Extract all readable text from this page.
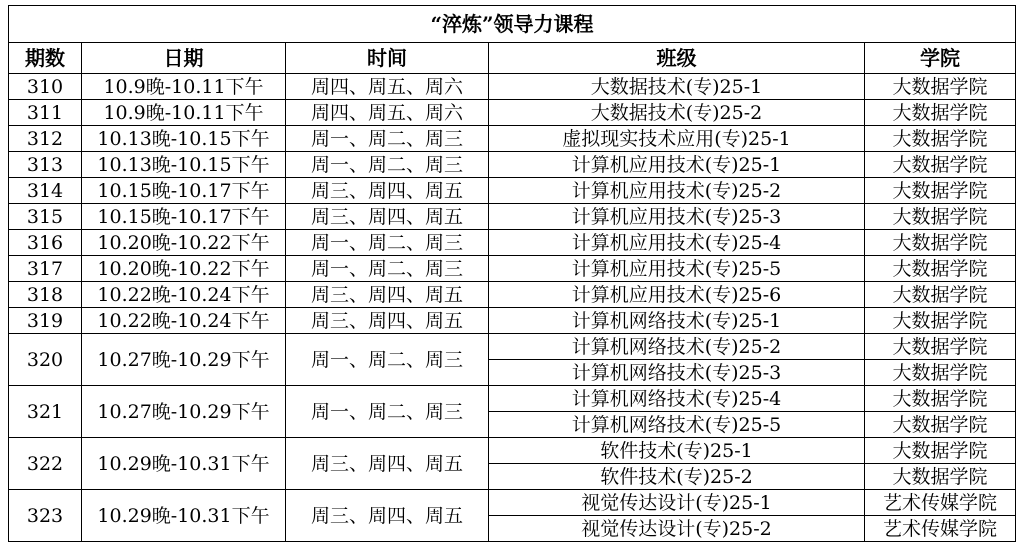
“淬炼”领导力课程				
期数	日期	时间	班级	学院
310	10.9晚-10.11下午	周四、周五、周六	大数据技术(专)25-1	大数据学院
311	10.9晚-10.11下午	周四、周五、周六	大数据技术(专)25-2	大数据学院
312	10.13晚-10.15下午	周一、周二、周三	虚拟现实技术应用(专)25-1	大数据学院
313	10.13晚-10.15下午	周一、周二、周三	计算机应用技术(专)25-1	大数据学院
314	10.15晚-10.17下午	周三、周四、周五	计算机应用技术(专)25-2	大数据学院
315	10.15晚-10.17下午	周三、周四、周五	计算机应用技术(专)25-3	大数据学院
316	10.20晚-10.22下午	周一、周二、周三	计算机应用技术(专)25-4	大数据学院
317	10.20晚-10.22下午	周一、周二、周三	计算机应用技术(专)25-5	大数据学院
318	10.22晚-10.24下午	周三、周四、周五	计算机应用技术(专)25-6	大数据学院
319	10.22晚-10.24下午	周三、周四、周五	计算机网络技术(专)25-1	大数据学院
320	10.27晚-10.29下午	周一、周二、周三	计算机网络技术(专)25-2	大数据学院
			计算机网络技术(专)25-3	大数据学院
321	10.27晚-10.29下午	周一、周二、周三	计算机网络技术(专)25-4	大数据学院
			计算机网络技术(专)25-5	大数据学院
322	10.29晚-10.31下午	周三、周四、周五	软件技术(专)25-1	大数据学院
			软件技术(专)25-2	大数据学院
323	10.29晚-10.31下午	周三、周四、周五	视觉传达设计(专)25-1	艺术传媒学院
			视觉传达设计(专)25-2	艺术传媒学院
